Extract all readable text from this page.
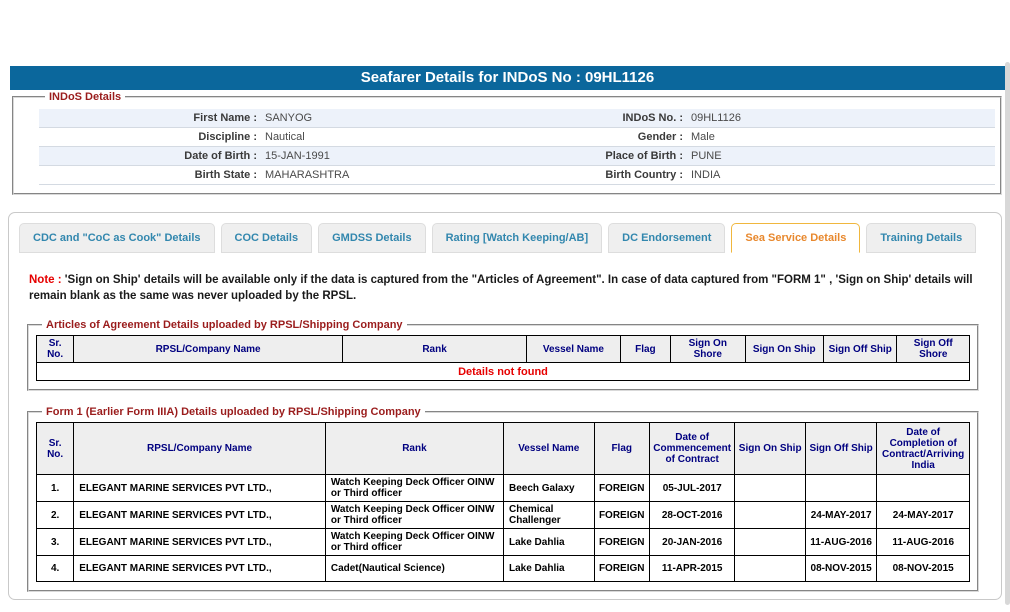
Seafarer Details for INDoS No : 09HL1126
INDoS Details
First Name : SANYOG	INDoS No. : 09HL1126
Discipline : Nautical	Gender : Male
Date of Birth : 15-JAN-1991	Place of Birth : PUNE
Birth State : MAHARASHTRA	Birth Country : INDIA
CDC and "CoC as Cook" Details	COC Details	GMDSS Details	Rating [Watch Keeping/AB]	DC Endorsement	Sea Service Details	Training Details
Note : 'Sign on Ship' details will be available only if the data is captured from the "Articles of Agreement". In case of data captured from "FORM 1" , 'Sign on Ship' details will remain blank as the same was never uploaded by the RPSL.
Articles of Agreement Details uploaded by RPSL/Shipping Company
Sr. No.	RPSL/Company Name	Rank	Vessel Name	Flag	Sign On Shore	Sign On Ship	Sign Off Ship	Sign Off Shore
Details not found
Form 1 (Earlier Form IIIA) Details uploaded by RPSL/Shipping Company
Sr. No.	RPSL/Company Name	Rank	Vessel Name	Flag	Date of Commencement of Contract	Sign On Ship	Sign Off Ship	Date of Completion of Contract/Arriving India
1.	ELEGANT MARINE SERVICES PVT LTD.,	Watch Keeping Deck Officer OINW or Third officer	Beech Galaxy	FOREIGN	05-JUL-2017			
2.	ELEGANT MARINE SERVICES PVT LTD.,	Watch Keeping Deck Officer OINW or Third officer	Chemical Challenger	FOREIGN	28-OCT-2016		24-MAY-2017	24-MAY-2017
3.	ELEGANT MARINE SERVICES PVT LTD.,	Watch Keeping Deck Officer OINW or Third officer	Lake Dahlia	FOREIGN	20-JAN-2016		11-AUG-2016	11-AUG-2016
4.	ELEGANT MARINE SERVICES PVT LTD.,	Cadet(Nautical Science)	Lake Dahlia	FOREIGN	11-APR-2015		08-NOV-2015	08-NOV-2015
